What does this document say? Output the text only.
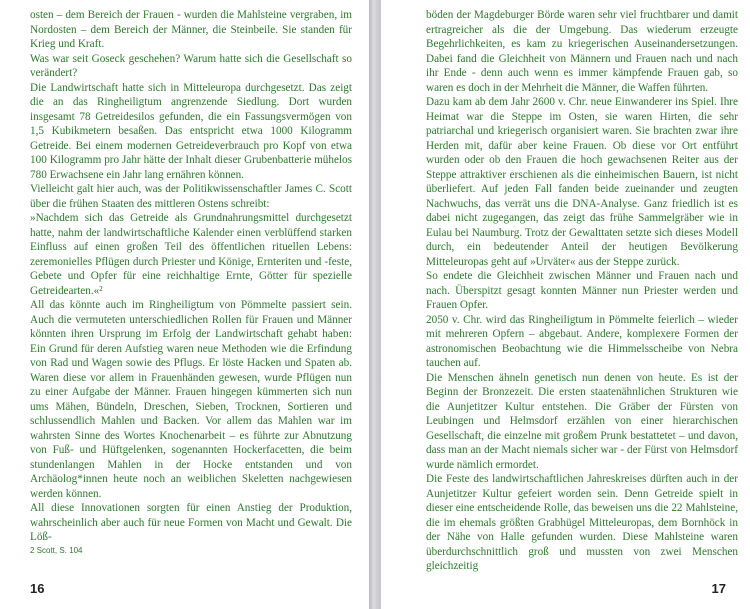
osten – dem Bereich der Frauen - wurden die Mahlsteine vergraben, im Nordosten – dem Bereich der Männer, die Steinbeile. Sie standen für Krieg und Kraft.

Was war seit Goseck geschehen? Warum hatte sich die Gesellschaft so verändert?

Die Landwirtschaft hatte sich in Mitteleuropa durchgesetzt. Das zeigt die an das Ringheiligtum angrenzende Siedlung. Dort wurden insgesamt 78 Getreidesilos gefunden, die ein Fassungsvermögen von 1,5 Kubikmetern besaßen. Das entspricht etwa 1000 Kilogramm Getreide. Bei einem modernen Getreideverbrauch pro Kopf von etwa 100 Kilogramm pro Jahr hätte der Inhalt dieser Grubenbatterie mühelos 780 Erwachsene ein Jahr lang ernähren können.

Vielleicht galt hier auch, was der Politikwissenschaftler James C. Scott über die frühen Staaten des mittleren Ostens schreibt:

»Nachdem sich das Getreide als Grundnahrungsmittel durchgesetzt hatte, nahm der landwirtschaftliche Kalender einen verblüffend starken Einfluss auf einen großen Teil des öffentlichen rituellen Lebens: zeremonielles Pflügen durch Priester und Könige, Ernteriten und -feste, Gebete und Opfer für eine reichhaltige Ernte, Götter für spezielle Getreidearten.«²

All das könnte auch im Ringheiligtum von Pömmelte passiert sein. Auch die vermuteten unterschiedlichen Rollen für Frauen und Männer könnten ihren Ursprung im Erfolg der Landwirtschaft gehabt haben: Ein Grund für deren Aufstieg waren neue Methoden wie die Erfindung von Rad und Wagen sowie des Pflugs. Er löste Hacken und Spaten ab. Waren diese vor allem in Frauenhänden gewesen, wurde Pflügen nun zu einer Aufgabe der Männer. Frauen hingegen kümmerten sich nun ums Mähen, Bündeln, Dreschen, Sieben, Trocknen, Sortieren und schlussendlich Mahlen und Backen. Vor allem das Mahlen war im wahrsten Sinne des Wortes Knochenarbeit – es führte zur Abnutzung von Fuß- und Hüftgelenken, sogenannten Hockerfacetten, die beim stundenlangen Mahlen in der Hocke entstanden und von Archäolog*innen heute noch an weiblichen Skeletten nachgewiesen werden können.

All diese Innovationen sorgten für einen Anstieg der Produktion, wahrscheinlich aber auch für neue Formen von Macht und Gewalt. Die Löß-

2 Scott, S. 104
16

böden der Magdeburger Börde waren sehr viel fruchtbarer und damit ertragreicher als die der Umgebung. Das wiederum erzeugte Begehrlichkeiten, es kam zu kriegerischen Auseinandersetzungen. Dabei fand die Gleichheit von Männern und Frauen nach und nach ihr Ende - denn auch wenn es immer kämpfende Frauen gab, so waren es doch in der Mehrheit die Männer, die Waffen führten.

Dazu kam ab dem Jahr 2600 v. Chr. neue Einwanderer ins Spiel. Ihre Heimat war die Steppe im Osten, sie waren Hirten, die sehr patriarchal und kriegerisch organisiert waren. Sie brachten zwar ihre Herden mit, dafür aber keine Frauen. Ob diese vor Ort entführt wurden oder ob den Frauen die hoch gewachsenen Reiter aus der Steppe attraktiver erschienen als die einheimischen Bauern, ist nicht überliefert. Auf jeden Fall fanden beide zueinander und zeugten Nachwuchs, das verrät uns die DNA-Analyse. Ganz friedlich ist es dabei nicht zugegangen, das zeigt das frühe Sammelgräber wie in Eulau bei Naumburg. Trotz der Gewalttaten setzte sich dieses Modell durch, ein bedeutender Anteil der heutigen Bevölkerung Mitteleuropas geht auf »Urväter« aus der Steppe zurück.

So endete die Gleichheit zwischen Männer und Frauen nach und nach. Überspitzt gesagt konnten Männer nun Priester werden und Frauen Opfer.

2050 v. Chr. wird das Ringheiligtum in Pömmelte feierlich – wieder mit mehreren Opfern – abgebaut. Andere, komplexere Formen der astronomischen Beobachtung wie die Himmelsscheibe von Nebra tauchen auf.

Die Menschen ähneln genetisch nun denen von heute. Es ist der Beginn der Bronzezeit. Die ersten staatenähnlichen Strukturen wie die Aunjetitzer Kultur entstehen. Die Gräber der Fürsten von Leubingen und Helmsdorf erzählen von einer hierarchischen Gesellschaft, die einzelne mit großem Prunk bestattetet – und davon, dass man an der Macht niemals sicher war - der Fürst von Helmsdorf wurde nämlich ermordet.

Die Feste des landwirtschaftlichen Jahreskreises dürften auch in der Aunjetitzer Kultur gefeiert worden sein. Denn Getreide spielt in dieser eine entscheidende Rolle, das beweisen uns die 22 Mahlsteine, die im ehemals größten Grabhügel Mitteleuropas, dem Bornhöck in der Nähe von Halle gefunden wurden. Diese Mahlsteine waren überdurchschnittlich groß und mussten von zwei Menschen gleichzeitig

17
